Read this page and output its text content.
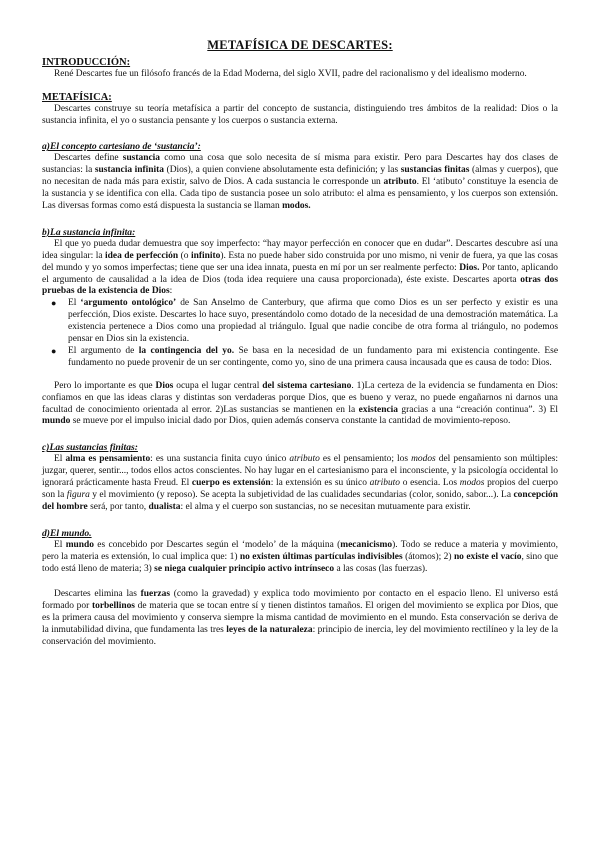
METAFÍSICA DE DESCARTES:
INTRODUCCIÓN:

René Descartes fue un filósofo francés de la Edad Moderna, del siglo XVII, padre del racionalismo y del idealismo moderno.

METAFÍSICA:

Descartes construye su teoría metafísica a partir del concepto de sustancia, distinguiendo tres ámbitos de la realidad: Dios o la sustancia infinita, el yo o sustancia pensante y los cuerpos o sustancia externa.

a)El concepto cartesiano de ‘sustancia’:

Descartes define sustancia como una cosa que solo necesita de sí misma para existir. Pero para Descartes hay dos clases de sustancias: la sustancia infinita (Dios), a quien conviene absolutamente esta definición; y las sustancias finitas (almas y cuerpos), que no necesitan de nada más para existir, salvo de Dios. A cada sustancia le corresponde un atributo. El ‘atibuto’ constituye la esencia de la sustancia y se identifica con ella. Cada tipo de sustancia posee un solo atributo: el alma es pensamiento, y los cuerpos son extensión. Las diversas formas como está dispuesta la sustancia se llaman modos.

b)La sustancia infinita:

El que yo pueda dudar demuestra que soy imperfecto: “hay mayor perfección en conocer que en dudar”. Descartes descubre así una idea singular: la idea de perfección (o infinito). Esta no puede haber sido construida por uno mismo, ni venir de fuera, ya que las cosas del mundo y yo somos imperfectas; tiene que ser una idea innata, puesta en mí por un ser realmente perfecto: Dios. Por tanto, aplicando el argumento de causalidad a la idea de Dios (toda idea requiere una causa proporcionada), éste existe. Descartes aporta otras dos pruebas de la existencia de Dios:

● El ‘argumento ontológico’ de San Anselmo de Canterbury, que afirma que como Dios es un ser perfecto y existir es una perfección, Dios existe. Descartes lo hace suyo, presentándolo como dotado de la necesidad de una demostración matemática. La existencia pertenece a Dios como una propiedad al triángulo. Igual que nadie concibe de otra forma al triángulo, no podemos pensar en Dios sin la existencia.
● El argumento de la contingencia del yo. Se basa en la necesidad de un fundamento para mi existencia contingente. Ese fundamento no puede provenir de un ser contingente, como yo, sino de una primera causa incausada que es causa de todo: Dios.

Pero lo importante es que Dios ocupa el lugar central del sistema cartesiano. 1)La certeza de la evidencia se fundamenta en Dios: confiamos en que las ideas claras y distintas son verdaderas porque Dios, que es bueno y veraz, no puede engañarnos ni darnos una facultad de conocimiento orientada al error. 2)Las sustancias se mantienen en la existencia gracias a una “creación continua”. 3) El mundo se mueve por el impulso inicial dado por Dios, quien además conserva constante la cantidad de movimiento-reposo.

c)Las sustancias finitas:

El alma es pensamiento: es una sustancia finita cuyo único atributo es el pensamiento; los modos del pensamiento son múltiples: juzgar, querer, sentir..., todos ellos actos conscientes. No hay lugar en el cartesianismo para el inconsciente, y la psicología occidental lo ignorará prácticamente hasta Freud. El cuerpo es extensión: la extensión es su único atributo o esencia. Los modos propios del cuerpo son la figura y el movimiento (y reposo). Se acepta la subjetividad de las cualidades secundarias (color, sonido, sabor...). La concepción del hombre será, por tanto, dualista: el alma y el cuerpo son sustancias, no se necesitan mutuamente para existir.

d)El mundo.

El mundo es concebido por Descartes según el ‘modelo’ de la máquina (mecanicismo). Todo se reduce a materia y movimiento, pero la materia es extensión, lo cual implica que: 1) no existen últimas partículas indivisibles (átomos); 2) no existe el vacío, sino que todo está lleno de materia; 3) se niega cualquier principio activo intrínseco a las cosas (las fuerzas).

Descartes elimina las fuerzas (como la gravedad) y explica todo movimiento por contacto en el espacio lleno. El universo está formado por torbellinos de materia que se tocan entre sí y tienen distintos tamaños. El origen del movimiento se explica por Dios, que es la primera causa del movimiento y conserva siempre la misma cantidad de movimiento en el mundo. Esta conservación se deriva de la inmutabilidad divina, que fundamenta las tres leyes de la naturaleza: principio de inercia, ley del movimiento rectilíneo y la ley de la conservación del movimiento.
